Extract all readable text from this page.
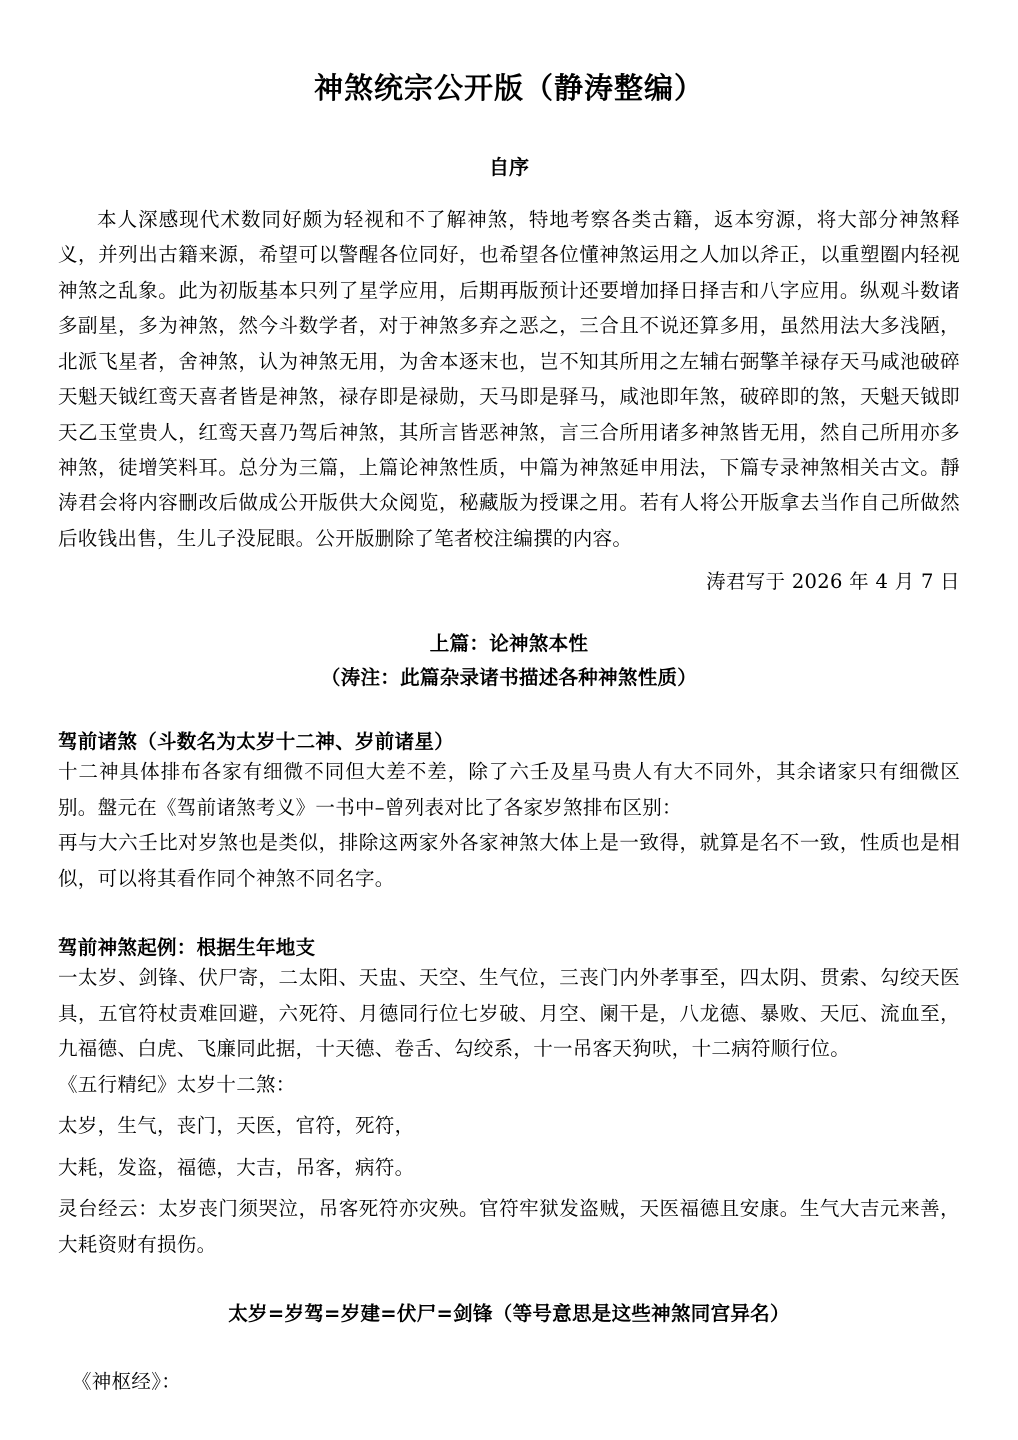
神煞统宗公开版（静涛整编）
自序

本人深感现代术数同好颇为轻视和不了解神煞，特地考察各类古籍，返本穷源，将大部分神煞释义，并列出古籍来源，希望可以警醒各位同好，也希望各位懂神煞运用之人加以斧正，以重塑圈内轻视神煞之乱象。此为初版基本只列了星学应用，后期再版预计还要增加择日择吉和八字应用。纵观斗数诸多副星，多为神煞，然今斗数学者，对于神煞多弃之恶之，三合且不说还算多用，虽然用法大多浅陋，北派飞星者，舍神煞，认为神煞无用，为舍本逐末也，岂不知其所用之左辅右弼擎羊禄存天马咸池破碎天魁天钺红鸾天喜者皆是神煞，禄存即是禄勋，天马即是驿马，咸池即年煞，破碎即的煞，天魁天钺即天乙玉堂贵人，红鸾天喜乃驾后神煞，其所言皆恶神煞，言三合所用诸多神煞皆无用，然自己所用亦多神煞，徒增笑料耳。总分为三篇，上篇论神煞性质，中篇为神煞延申用法，下篇专录神煞相关古文。靜涛君会将内容刪改后做成公开版供大众阅览，秘藏版为授课之用。若有人将公开版拿去当作自己所做然后收钱出售，生儿子没屁眼。公开版删除了笔者校注编撰的内容。

涛君写于 2026 年 4 月 7 日

上篇：论神煞本性
（涛注：此篇杂录诸书描述各种神煞性质）
驾前诸煞（斗数名为太岁十二神、岁前诸星）

十二神具体排布各家有细微不同但大差不差，除了六壬及星马贵人有大不同外，其余诸家只有细微区别。盤元在《驾前诸煞考义》一书中–曾列表对比了各家岁煞排布区别：

再与大六壬比对岁煞也是类似，排除这两家外各家神煞大体上是一致得，就算是名不一致，性质也是相似，可以将其看作同个神煞不同名字。

驾前神煞起例：根据生年地支

一太岁、剑锋、伏尸寄，二太阳、天盅、天空、生气位，三丧门内外孝事至，四太阴、贯索、勾绞天医具，五官符杖责难回避，六死符、月德同行位七岁破、月空、阑干是，八龙德、暴败、天厄、流血至，九福德、白虎、飞廉同此据，十天德、卷舌、勾绞系，十一吊客天狗吠，十二病符顺行位。

《五行精纪》太岁十二煞：

太岁，生气，丧门，天医，官符，死符，

大耗，发盗，福德，大吉，吊客，病符。

灵台经云：太岁丧门须哭泣，吊客死符亦灾殃。官符牢狱发盗贼，天医福德且安康。生气大吉元来善，大耗资财有损伤。

太岁=岁驾=岁建=伏尸=剑锋（等号意思是这些神煞同宫异名）

《神枢经》：
